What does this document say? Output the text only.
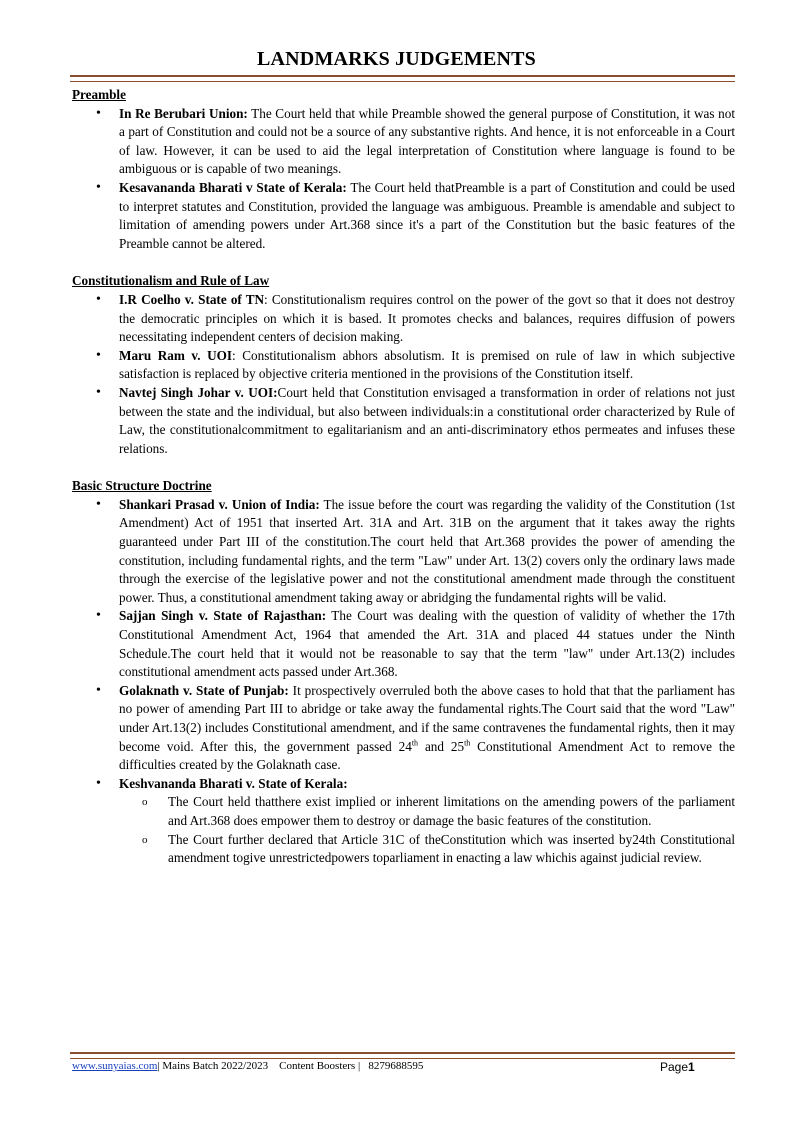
LANDMARKS JUDGEMENTS

Preamble

• In Re Berubari Union: The Court held that while Preamble showed the general purpose of Constitution, it was not a part of Constitution and could not be a source of any substantive rights. And hence, it is not enforceable in a Court of law. However, it can be used to aid the legal interpretation of Constitution where language is found to be ambiguous or is capable of two meanings.
• Kesavananda Bharati v State of Kerala: The Court held thatPreamble is a part of Constitution and could be used to interpret statutes and Constitution, provided the language was ambiguous. Preamble is amendable and subject to limitation of amending powers under Art.368 since it's a part of the Constitution but the basic features of the Preamble cannot be altered.

Constitutionalism and Rule of Law

• I.R Coelho v. State of TN: Constitutionalism requires control on the power of the govt so that it does not destroy the democratic principles on which it is based. It promotes checks and balances, requires diffusion of powers necessitating independent centers of decision making.
• Maru Ram v. UOI: Constitutionalism abhors absolutism. It is premised on rule of law in which subjective satisfaction is replaced by objective criteria mentioned in the provisions of the Constitution itself.
• Navtej Singh Johar v. UOI:Court held that Constitution envisaged a transformation in order of relations not just between the state and the individual, but also between individuals:in a constitutional order characterized by Rule of Law, the constitutionalcommitment to egalitarianism and an anti-discriminatory ethos permeates and infuses these relations.

Basic Structure Doctrine

• Shankari Prasad v. Union of India: The issue before the court was regarding the validity of the Constitution (1st Amendment) Act of 1951 that inserted Art. 31A and Art. 31B on the argument that it takes away the rights guaranteed under Part III of the constitution.The court held that Art.368 provides the power of amending the constitution, including fundamental rights, and the term "Law" under Art. 13(2) covers only the ordinary laws made through the exercise of the legislative power and not the constitutional amendment made through the constituent power. Thus, a constitutional amendment taking away or abridging the fundamental rights will be valid.
• Sajjan Singh v. State of Rajasthan: The Court was dealing with the question of validity of whether the 17th Constitutional Amendment Act, 1964 that amended the Art. 31A and placed 44 statues under the Ninth Schedule.The court held that it would not be reasonable to say that the term "law" under Art.13(2) includes constitutional amendment acts passed under Art.368.
• Golaknath v. State of Punjab: It prospectively overruled both the above cases to hold that that the parliament has no power of amending Part III to abridge or take away the fundamental rights.The Court said that the word "Law" under Art.13(2) includes Constitutional amendment, and if the same contravenes the fundamental rights, then it may become void. After this, the government passed 24th and 25th Constitutional Amendment Act to remove the difficulties created by the Golaknath case.
• Keshvananda Bharati v. State of Kerala:
o The Court held thatthere exist implied or inherent limitations on the amending powers of the parliament and Art.368 does empower them to destroy or damage the basic features of the constitution.
o The Court further declared that Article 31C of theConstitution which was inserted by24th Constitutional amendment togive unrestrictedpowers toparliament in enacting a law whichis against judicial review.
www.sunyaias.com| Mains Batch 2022/2023    Content Boosters |   8279688595	Page1
